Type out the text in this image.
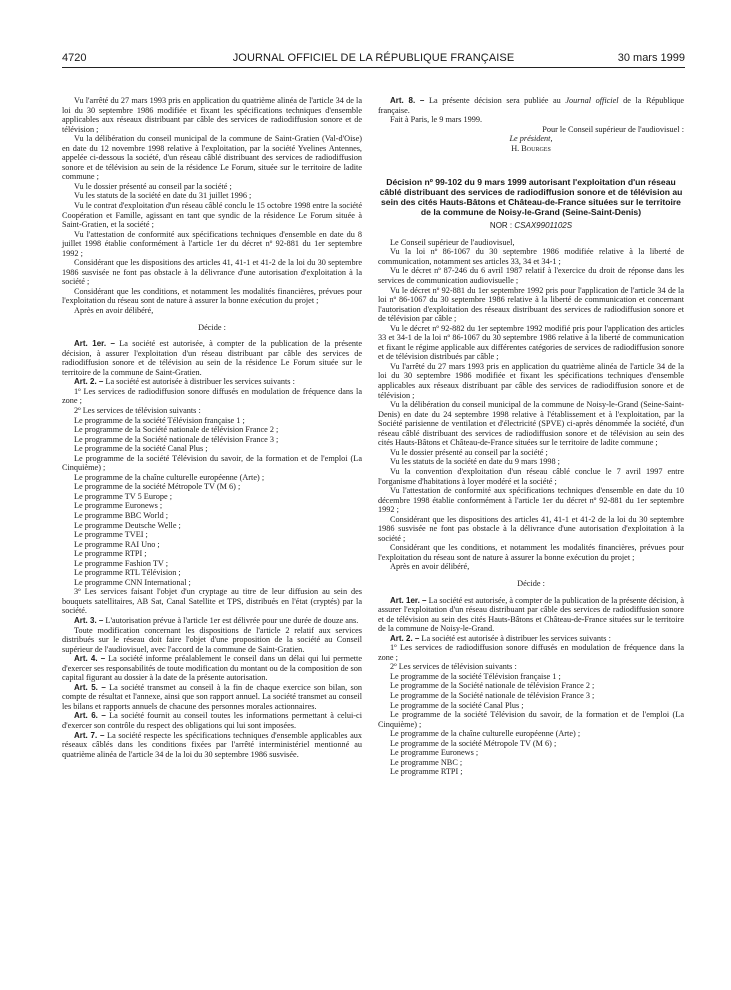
4720	JOURNAL OFFICIEL DE LA RÉPUBLIQUE FRANÇAISE	30 mars 1999

Vu l'arrêté du 27 mars 1993 pris en application du quatrième alinéa de l'article 34 de la loi du 30 septembre 1986 modifiée et fixant les spécifications techniques d'ensemble applicables aux réseaux distribuant par câble des services de radiodiffusion sonore et de télévision ;

Vu la délibération du conseil municipal de la commune de Saint-Gratien (Val-d'Oise) en date du 12 novembre 1998 relative à l'exploitation, par la société Yvelines Antennes, appelée ci-dessous la société, d'un réseau câblé distribuant des services de radiodiffusion sonore et de télévision au sein de la résidence Le Forum, située sur le territoire de ladite commune ;

Vu le dossier présenté au conseil par la société ;

Vu les statuts de la société en date du 31 juillet 1996 ;

Vu le contrat d'exploitation d'un réseau câblé conclu le 15 octobre 1998 entre la société Coopération et Famille, agissant en tant que syndic de la résidence Le Forum située à Saint-Gratien, et la société ;

Vu l'attestation de conformité aux spécifications techniques d'ensemble en date du 8 juillet 1998 établie conformément à l'article 1er du décret nº 92-881 du 1er septembre 1992 ;

Considérant que les dispositions des articles 41, 41-1 et 41-2 de la loi du 30 septembre 1986 susvisée ne font pas obstacle à la délivrance d'une autorisation d'exploitation à la société ;

Considérant que les conditions, et notamment les modalités financières, prévues pour l'exploitation du réseau sont de nature à assurer la bonne exécution du projet ;

Après en avoir délibéré,

Décide :

Art. 1er. – La société est autorisée, à compter de la publication de la présente décision, à assurer l'exploitation d'un réseau distribuant par câble des services de radiodiffusion sonore et de télévision au sein de la résidence Le Forum située sur le territoire de la commune de Saint-Gratien.

Art. 2. – La société est autorisée à distribuer les services suivants :

1º Les services de radiodiffusion sonore diffusés en modulation de fréquence dans la zone ;

2º Les services de télévision suivants :

Le programme de la société Télévision française 1 ;

Le programme de la Société nationale de télévision France 2 ;

Le programme de la Société nationale de télévision France 3 ;

Le programme de la société Canal Plus ;

Le programme de la société Télévision du savoir, de la formation et de l'emploi (La Cinquième) ;

Le programme de la chaîne culturelle européenne (Arte) ;

Le programme de la société Métropole TV (M 6) ;

Le programme TV 5 Europe ;

Le programme Euronews ;

Le programme BBC World ;

Le programme Deutsche Welle ;

Le programme TVEI ;

Le programme RAI Uno ;

Le programme RTPI ;

Le programme Fashion TV ;

Le programme RTL Télévision ;

Le programme CNN International ;

3º Les services faisant l'objet d'un cryptage au titre de leur diffusion au sein des bouquets satellitaires, AB Sat, Canal Satellite et TPS, distribués en l'état (cryptés) par la société.

Art. 3. – L'autorisation prévue à l'article 1er est délivrée pour une durée de douze ans.

Toute modification concernant les dispositions de l'article 2 relatif aux services distribués sur le réseau doit faire l'objet d'une proposition de la société au Conseil supérieur de l'audiovisuel, avec l'accord de la commune de Saint-Gratien.

Art. 4. – La société informe préalablement le conseil dans un délai qui lui permette d'exercer ses responsabilités de toute modification du montant ou de la composition de son capital figurant au dossier à la date de la présente autorisation.

Art. 5. – La société transmet au conseil à la fin de chaque exercice son bilan, son compte de résultat et l'annexe, ainsi que son rapport annuel. La société transmet au conseil les bilans et rapports annuels de chacune des personnes morales actionnaires.

Art. 6. – La société fournit au conseil toutes les informations permettant à celui-ci d'exercer son contrôle du respect des obligations qui lui sont imposées.

Art. 7. – La société respecte les spécifications techniques d'ensemble applicables aux réseaux câblés dans les conditions fixées par l'arrêté interministériel mentionné au quatrième alinéa de l'article 34 de la loi du 30 septembre 1986 susvisée.

Art. 8. – La présente décision sera publiée au Journal officiel de la République française.

Fait à Paris, le 9 mars 1999.

Pour le Conseil supérieur de l'audiovisuel :

Le président,

H. Bourges

Décision nº 99-102 du 9 mars 1999 autorisant l'exploitation d'un réseau câblé distribuant des services de radiodiffusion sonore et de télévision au sein des cités Hauts-Bâtons et Château-de-France situées sur le territoire de la commune de Noisy-le-Grand (Seine-Saint-Denis)
NOR : CSAX9901102S

Le Conseil supérieur de l'audiovisuel,

Vu la loi nº 86-1067 du 30 septembre 1986 modifiée relative à la liberté de communication, notamment ses articles 33, 34 et 34-1 ;

Vu le décret nº 87-246 du 6 avril 1987 relatif à l'exercice du droit de réponse dans les services de communication audiovisuelle ;

Vu le décret nº 92-881 du 1er septembre 1992 pris pour l'application de l'article 34 de la loi nº 86-1067 du 30 septembre 1986 relative à la liberté de communication et concernant l'autorisation d'exploitation des réseaux distribuant des services de radiodiffusion sonore et de télévision par câble ;

Vu le décret nº 92-882 du 1er septembre 1992 modifié pris pour l'application des articles 33 et 34-1 de la loi nº 86-1067 du 30 septembre 1986 relative à la liberté de communication et fixant le régime applicable aux différentes catégories de services de radiodiffusion sonore et de télévision distribués par câble ;

Vu l'arrêté du 27 mars 1993 pris en application du quatrième alinéa de l'article 34 de la loi du 30 septembre 1986 modifiée et fixant les spécifications techniques d'ensemble applicables aux réseaux distribuant par câble des services de radiodiffusion sonore et de télévision ;

Vu la délibération du conseil municipal de la commune de Noisy-le-Grand (Seine-Saint-Denis) en date du 24 septembre 1998 relative à l'établissement et à l'exploitation, par la Société parisienne de ventilation et d'électricité (SPVE) ci-après dénommée la société, d'un réseau câblé distribuant des services de radiodiffusion sonore et de télévision au sein des cités Hauts-Bâtons et Château-de-France situées sur le territoire de ladite commune ;

Vu le dossier présenté au conseil par la société ;

Vu les statuts de la société en date du 9 mars 1998 ;

Vu la convention d'exploitation d'un réseau câblé conclue le 7 avril 1997 entre l'organisme d'habitations à loyer modéré et la société ;

Vu l'attestation de conformité aux spécifications techniques d'ensemble en date du 10 décembre 1998 établie conformément à l'article 1er du décret nº 92-881 du 1er septembre 1992 ;

Considérant que les dispositions des articles 41, 41-1 et 41-2 de la loi du 30 septembre 1986 susvisée ne font pas obstacle à la délivrance d'une autorisation d'exploitation à la société ;

Considérant que les conditions, et notamment les modalités financières, prévues pour l'exploitation du réseau sont de nature à assurer la bonne exécution du projet ;

Après en avoir délibéré,

Décide :

Art. 1er. – La société est autorisée, à compter de la publication de la présente décision, à assurer l'exploitation d'un réseau distribuant par câble des services de radiodiffusion sonore et de télévision au sein des cités Hauts-Bâtons et Château-de-France situées sur le territoire de la commune de Noisy-le-Grand.

Art. 2. – La société est autorisée à distribuer les services suivants :

1º Les services de radiodiffusion sonore diffusés en modulation de fréquence dans la zone ;

2º Les services de télévision suivants :

Le programme de la société Télévision française 1 ;

Le programme de la Société nationale de télévision France 2 ;

Le programme de la Société nationale de télévision France 3 ;

Le programme de la société Canal Plus ;

Le programme de la société Télévision du savoir, de la formation et de l'emploi (La Cinquième) ;

Le programme de la chaîne culturelle européenne (Arte) ;

Le programme de la société Métropole TV (M 6) ;

Le programme Euronews ;

Le programme NBC ;

Le programme RTPI ;
